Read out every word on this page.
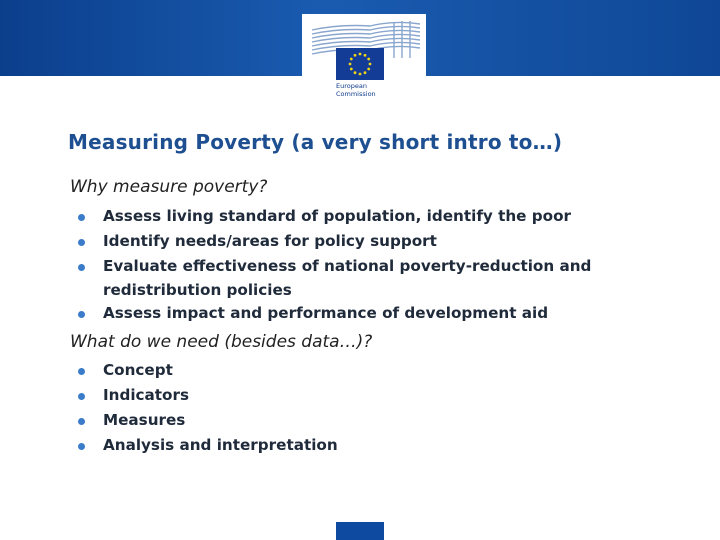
European
Commission
Measuring Poverty (a very short intro to…)
Why measure poverty?
Assess living standard of population, identify the poor
Identify needs/areas for policy support
Evaluate effectiveness of national poverty-reduction and
redistribution policies
Assess impact and performance of development aid
What do we need (besides data…)?
Concept
Indicators
Measures
Analysis and interpretation
